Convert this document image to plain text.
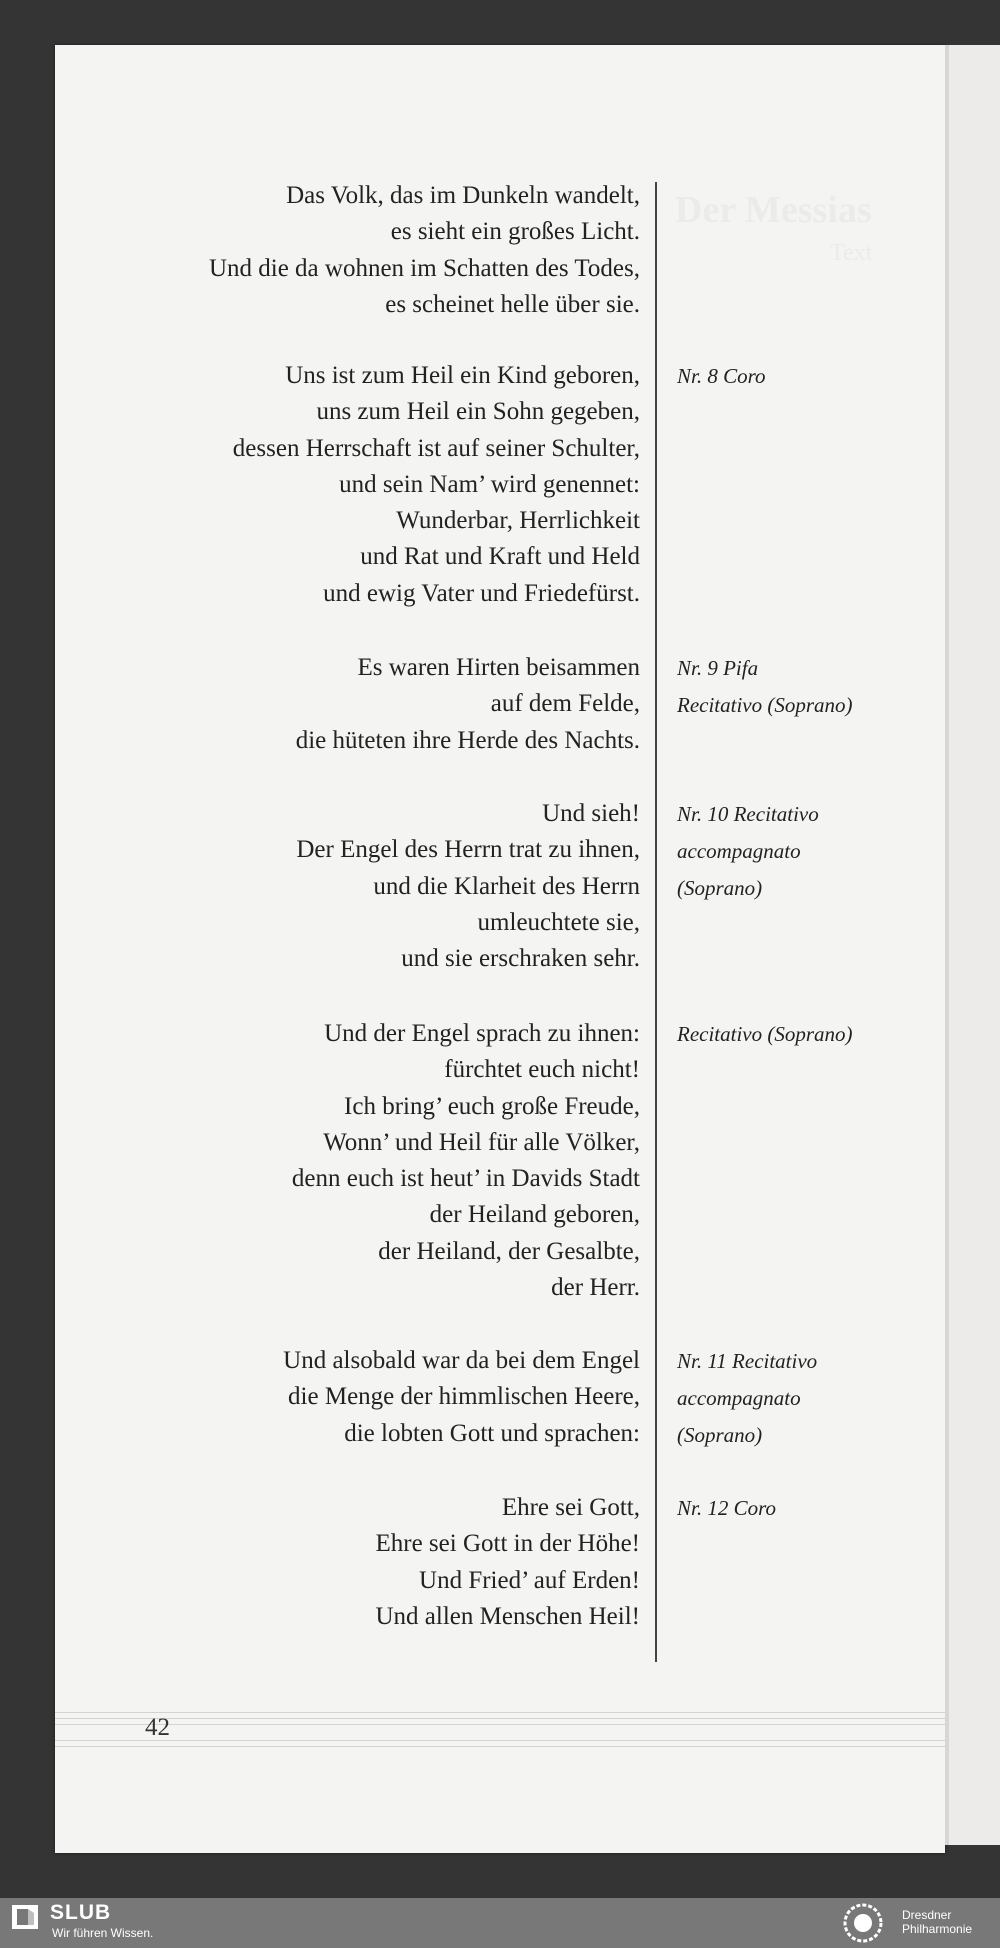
Der Messias
Text
Das Volk, das im Dunkeln wandelt,
es sieht ein großes Licht.
Und die da wohnen im Schatten des Todes,
es scheinet helle über sie.
Uns ist zum Heil ein Kind geboren,
uns zum Heil ein Sohn gegeben,
dessen Herrschaft ist auf seiner Schulter,
und sein Nam’ wird genennet:
Wunderbar, Herrlichkeit
und Rat und Kraft und Held
und ewig Vater und Friedefürst.
Es waren Hirten beisammen
auf dem Felde,
die hüteten ihre Herde des Nachts.
Und sieh!
Der Engel des Herrn trat zu ihnen,
und die Klarheit des Herrn
umleuchtete sie,
und sie erschraken sehr.
Und der Engel sprach zu ihnen:
fürchtet euch nicht!
Ich bring’ euch große Freude,
Wonn’ und Heil für alle Völker,
denn euch ist heut’ in Davids Stadt
der Heiland geboren,
der Heiland, der Gesalbte,
der Herr.
Und alsobald war da bei dem Engel
die Menge der himmlischen Heere,
die lobten Gott und sprachen:
Ehre sei Gott,
Ehre sei Gott in der Höhe!
Und Fried’ auf Erden!
Und allen Menschen Heil!
Nr. 8 Coro
Nr. 9 Pifa
Recitativo (Soprano)
Nr. 10 Recitativo
accompagnato
(Soprano)
Recitativo (Soprano)
Nr. 11 Recitativo
accompagnato
(Soprano)
Nr. 12 Coro
42
SLUB
Wir führen Wissen.
Dresdner
Philharmonie
